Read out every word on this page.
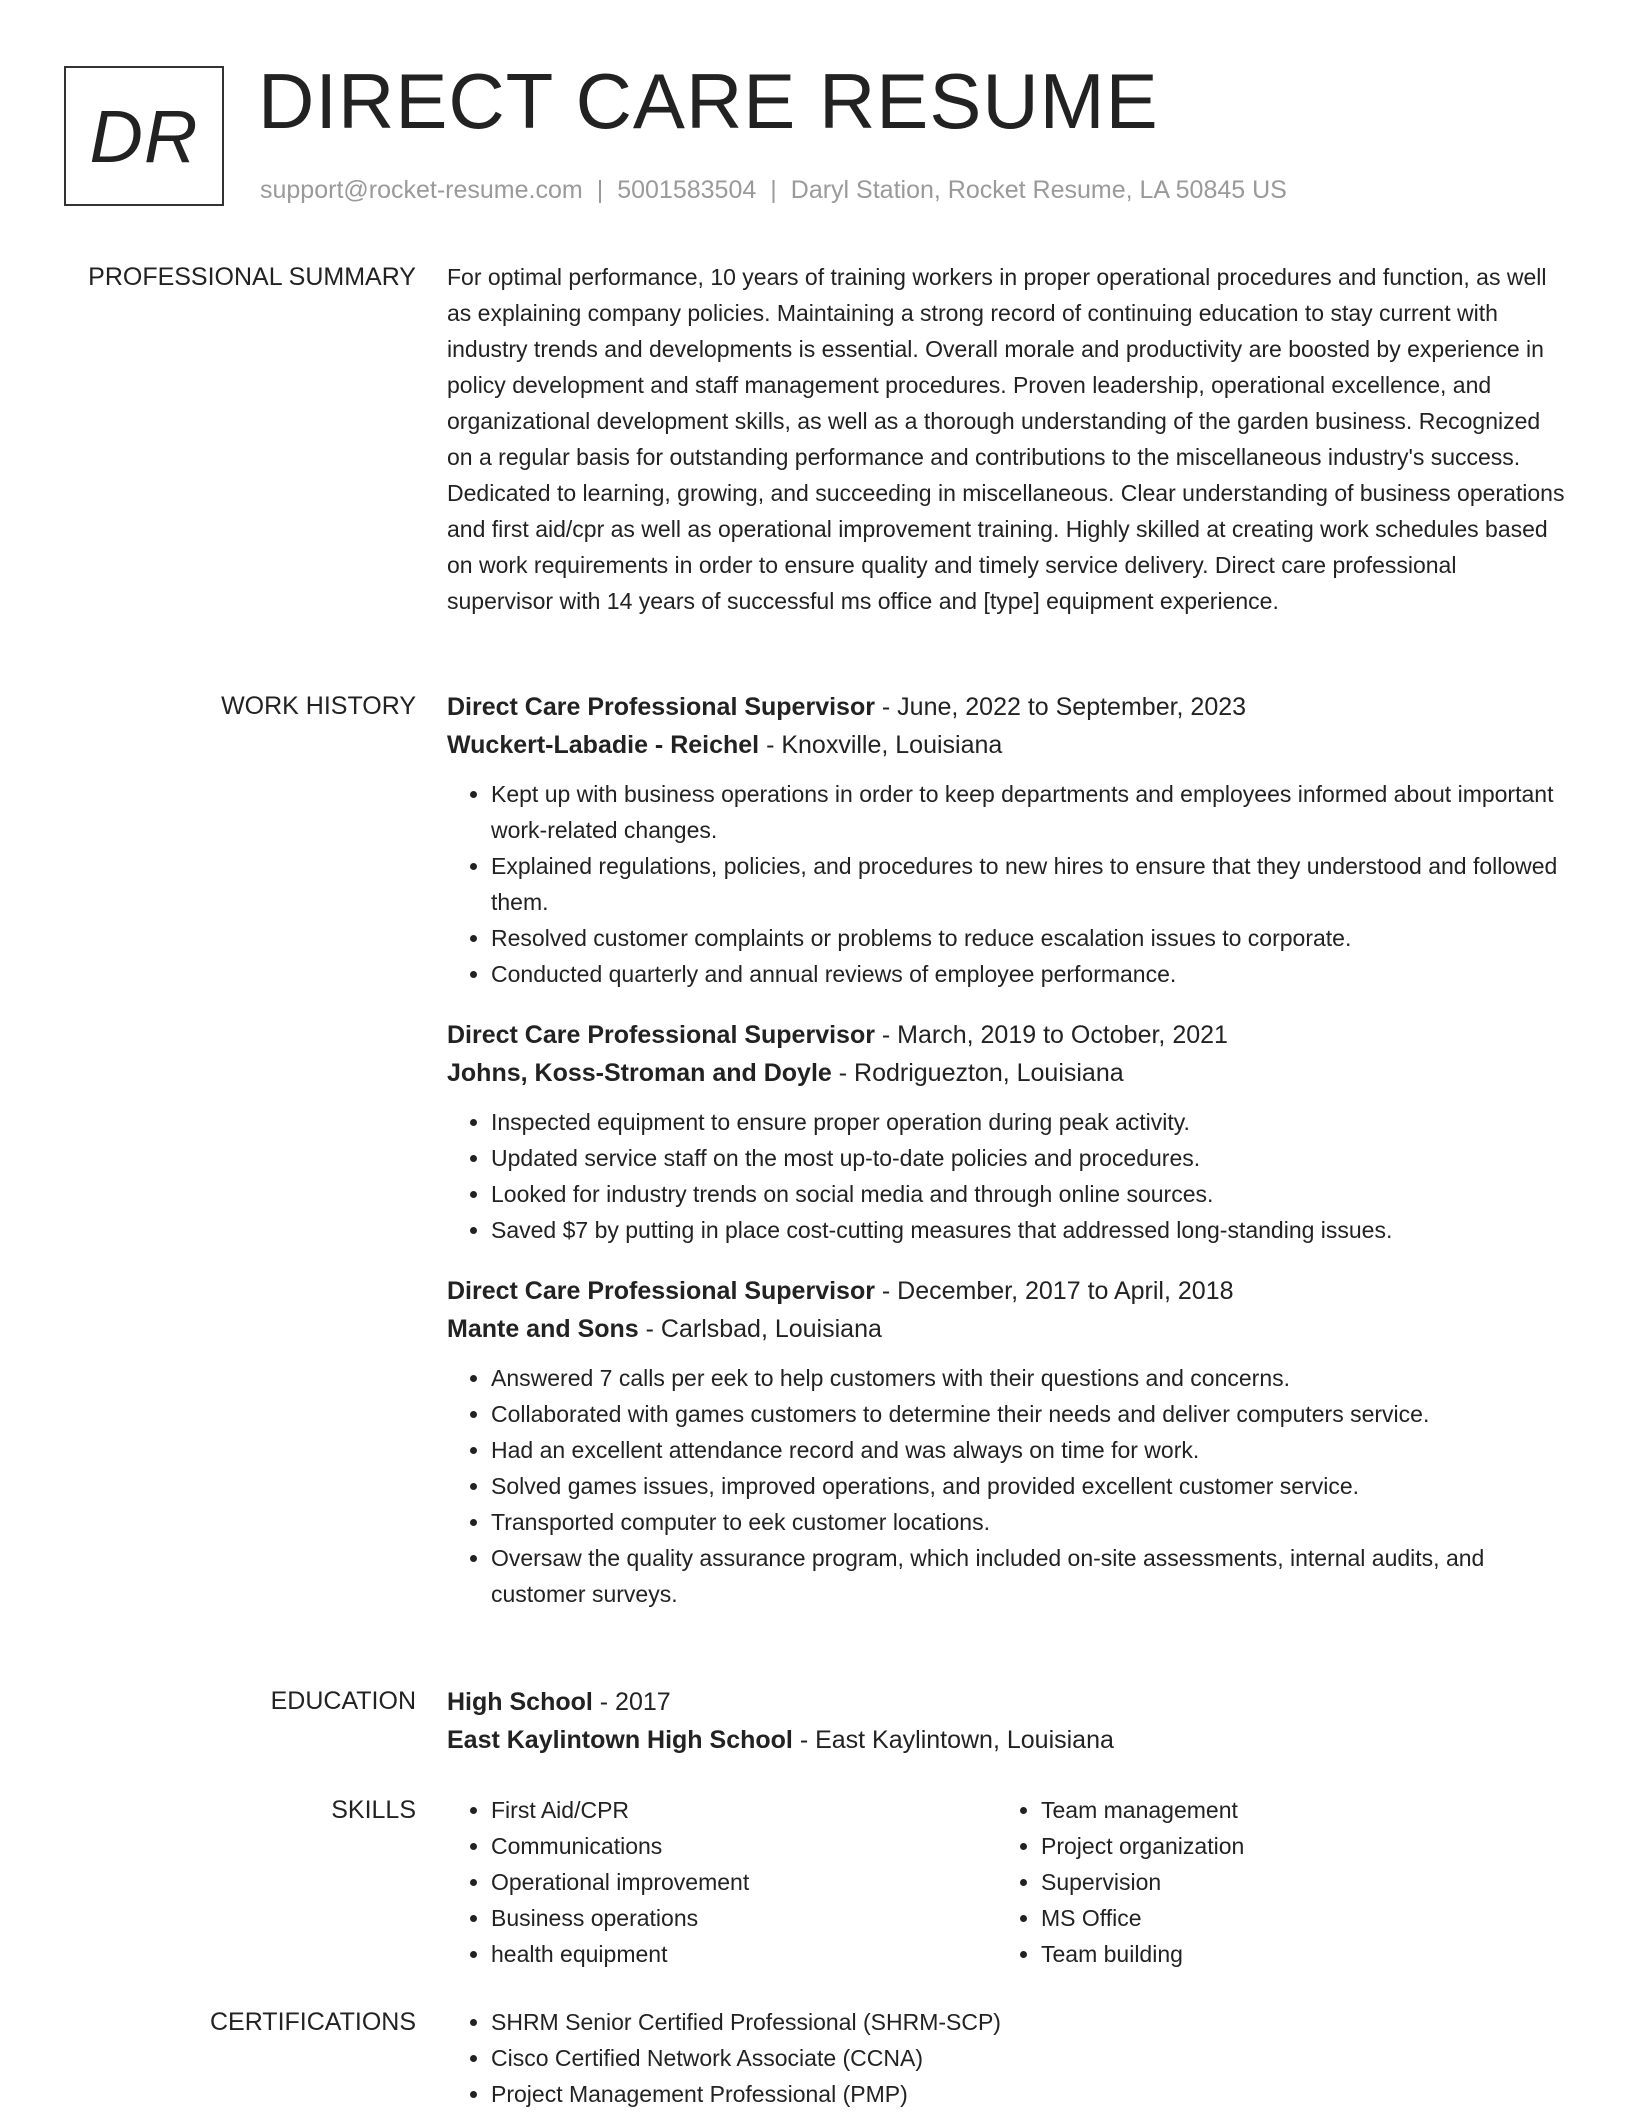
DR DIRECT CARE RESUME
support@rocket-resume.com | 5001583504 | Daryl Station, Rocket Resume, LA 50845 US
PROFESSIONAL SUMMARY For optimal performance, 10 years of training workers in proper operational procedures and function, as well as explaining company policies. Maintaining a strong record of continuing education to stay current with industry trends and developments is essential. Overall morale and productivity are boosted by experience in policy development and staff management procedures. Proven leadership, operational excellence, and organizational development skills, as well as a thorough understanding of the garden business. Recognized on a regular basis for outstanding performance and contributions to the miscellaneous industry's success. Dedicated to learning, growing, and succeeding in miscellaneous. Clear understanding of business operations and first aid/cpr as well as operational improvement training. Highly skilled at creating work schedules based on work requirements in order to ensure quality and timely service delivery. Direct care professional supervisor with 14 years of successful ms office and [type] equipment experience.

WORK HISTORY Direct Care Professional Supervisor - June, 2022 to September, 2023
Wuckert-Labadie - Reichel - Knoxville, Louisiana
• Kept up with business operations in order to keep departments and employees informed about important work-related changes.
• Explained regulations, policies, and procedures to new hires to ensure that they understood and followed them.
• Resolved customer complaints or problems to reduce escalation issues to corporate.
• Conducted quarterly and annual reviews of employee performance.
Direct Care Professional Supervisor - March, 2019 to October, 2021
Johns, Koss-Stroman and Doyle - Rodriguezton, Louisiana
• Inspected equipment to ensure proper operation during peak activity.
• Updated service staff on the most up-to-date policies and procedures.
• Looked for industry trends on social media and through online sources.
• Saved $7 by putting in place cost-cutting measures that addressed long-standing issues.
Direct Care Professional Supervisor - December, 2017 to April, 2018
Mante and Sons - Carlsbad, Louisiana
• Answered 7 calls per eek to help customers with their questions and concerns.
• Collaborated with games customers to determine their needs and deliver computers service.
• Had an excellent attendance record and was always on time for work.
• Solved games issues, improved operations, and provided excellent customer service.
• Transported computer to eek customer locations.
• Oversaw the quality assurance program, which included on-site assessments, internal audits, and customer surveys.
EDUCATION High School - 2017
East Kaylintown High School - East Kaylintown, Louisiana
SKILLS	• First Aid/CPR
• Communications
• Operational improvement
• Business operations
• health equipment
• Team management
• Project organization
• Supervision
• MS Office
• Team building
CERTIFICATIONS	• SHRM Senior Certified Professional (SHRM-SCP)
• Cisco Certified Network Associate (CCNA)
• Project Management Professional (PMP)
